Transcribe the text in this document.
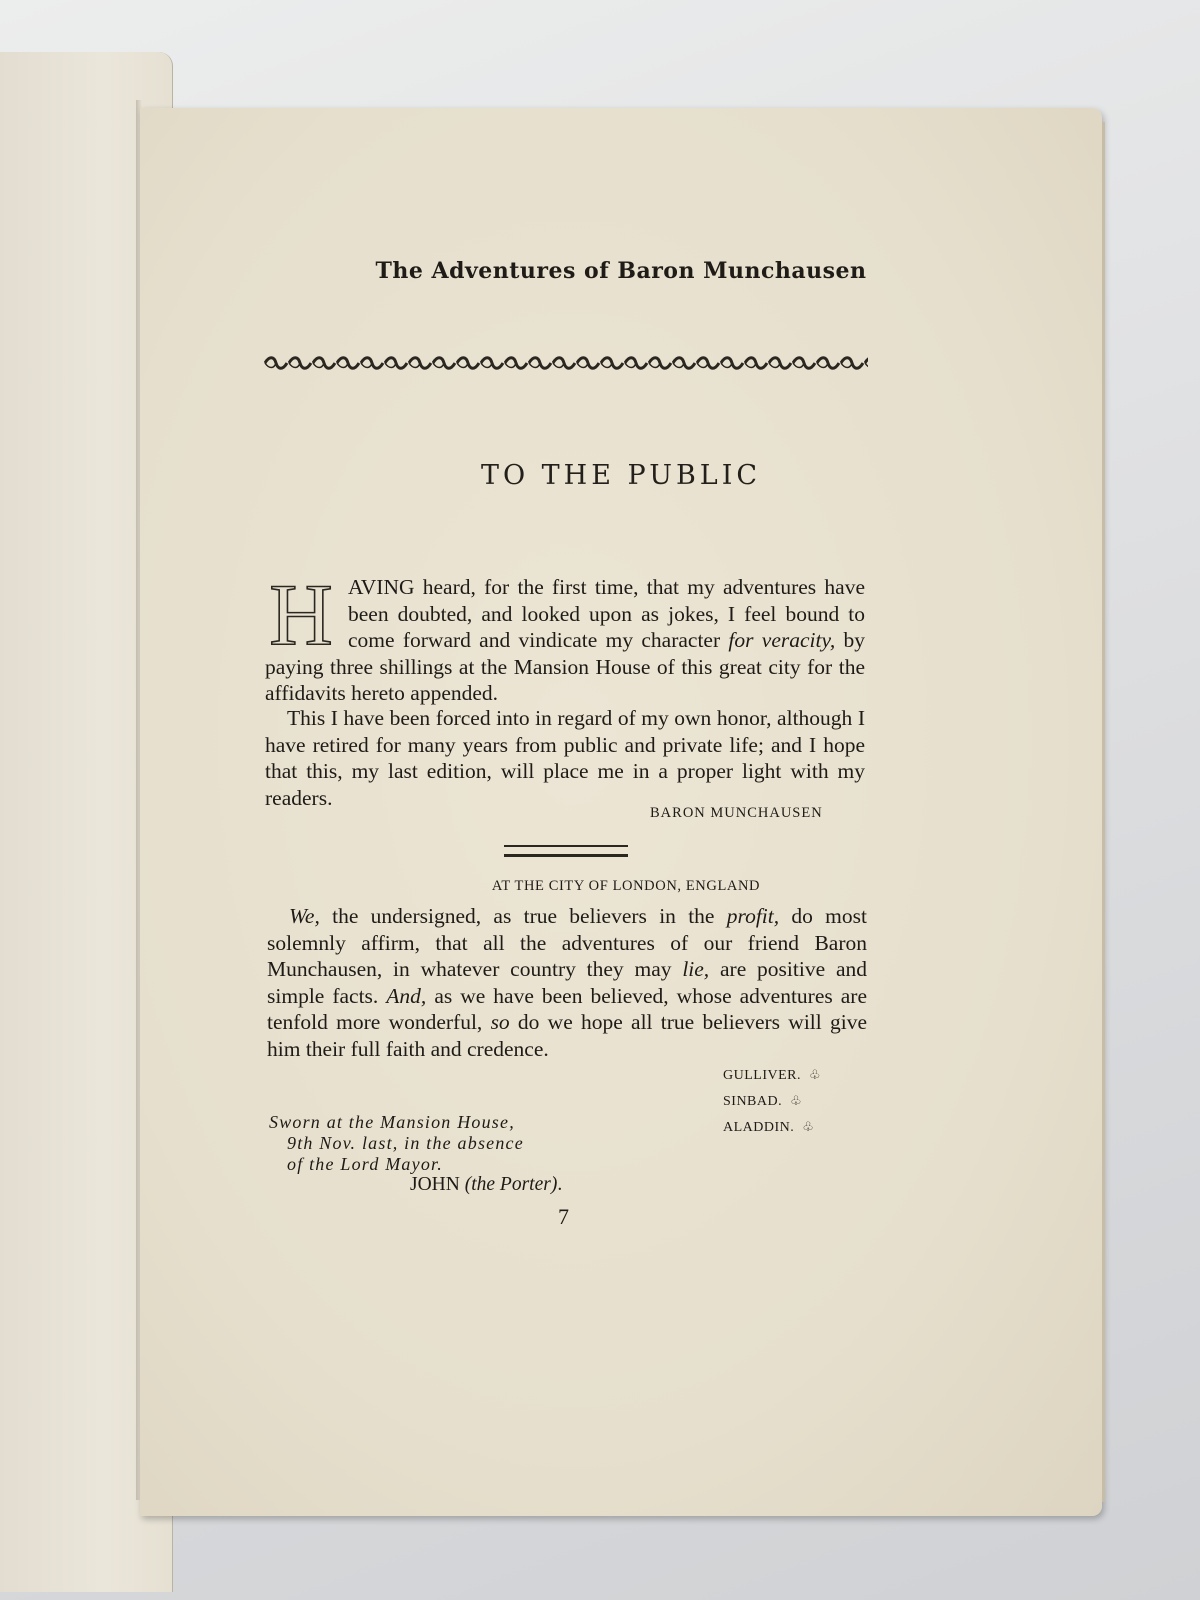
The Adventures of Baron Munchausen
TO THE PUBLIC
H AVING heard, for the first time, that my adventures have been doubted, and looked upon as jokes, I feel bound to come forward and vindicate my character for veracity, by paying three shillings at the Mansion House of this great city for the affidavits hereto appended.
This I have been forced into in regard of my own honor, although I have retired for many years from public and private life; and I hope that this, my last edition, will place me in a proper light with my readers.
BARON MUNCHAUSEN
AT THE CITY OF LONDON, ENGLAND
We, the undersigned, as true believers in the profit, do most solemnly affirm, that all the adventures of our friend Baron Munchausen, in whatever country they may lie, are positive and simple facts. And, as we have been believed, whose adventures are tenfold more wonderful, so do we hope all true believers will give him their full faith and credence.
GULLIVER. ♧
SINBAD. ♧
ALADDIN. ♧
Sworn at the Mansion House,
9th Nov. last, in the absence
of the Lord Mayor.
JOHN (the Porter).
7
